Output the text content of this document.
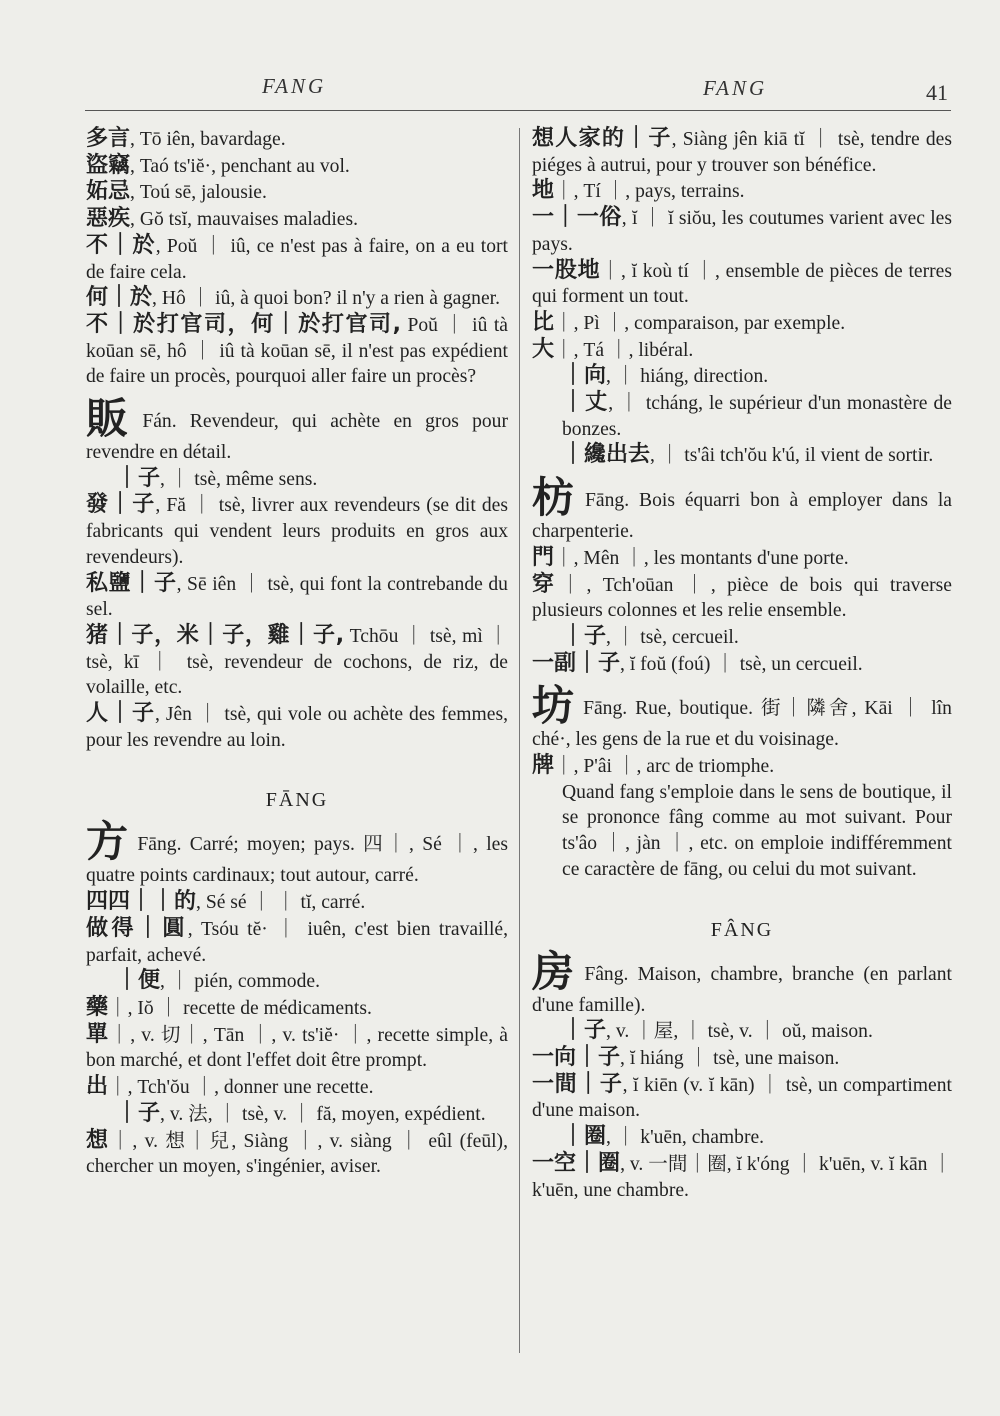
FANG	FANG	41

多言, Tō iên, bavardage.

盜竊, Taó ts'iĕ·, penchant au vol.

妬忌, Toú sē, jalousie.

惡疾, Gŏ tsĭ, mauvaises maladies.

不｜於, Poŭ ｜ iû, ce n'est pas à faire, on a eu tort de faire cela.

何｜於, Hô ｜ iû, à quoi bon? il n'y a rien à gagner.

不｜於打官司，何｜於打官司, Poŭ ｜ iû tà koūan sē, hô ｜ iû tà koūan sē, il n'est pas expédient de faire un procès, pourquoi aller faire un procès?

販 Fán. Revendeur, qui achète en gros pour revendre en détail.

｜子, ｜ tsè, même sens.

發｜子, Fă ｜ tsè, livrer aux revendeurs (se dit des fabricants qui vendent leurs produits en gros aux revendeurs).

私鹽｜子, Sē iên ｜ tsè, qui font la contrebande du sel.

猪｜子，米｜子，雞｜子, Tchōu ｜ tsè, mì ｜ tsè, kī ｜ tsè, revendeur de cochons, de riz, de volaille, etc.

人｜子, Jên ｜ tsè, qui vole ou achète des femmes, pour les revendre au loin.

FĀNG

方 Fāng. Carré; moyen; pays. 四｜, Sé ｜, les quatre points cardinaux; tout autour, carré.

四四｜｜的, Sé sé ｜ ｜ tĭ, carré.

做得｜圓, Tsóu tĕ· ｜ iuên, c'est bien travaillé, parfait, achevé.

｜便, ｜ pién, commode.

藥｜, Iŏ ｜ recette de médicaments.

單｜, v. 切｜, Tān ｜, v. ts'iĕ· ｜, recette simple, à bon marché, et dont l'effet doit être prompt.

出｜, Tch'ŏu ｜, donner une recette.

｜子, v. 法, ｜ tsè, v. ｜ fă, moyen, expédient.

想｜, v. 想｜兒, Siàng ｜, v. siàng ｜ eûl (feūl), chercher un moyen, s'ingénier, aviser.

想人家的｜子, Siàng jên kiā tĭ ｜ tsè, tendre des piéges à autrui, pour y trouver son bénéfice.

地｜, Tí ｜, pays, terrains.

一｜一俗, ĭ ｜ ĭ siŏu, les coutumes varient avec les pays.

一股地｜, ĭ koù tí ｜, ensemble de pièces de terres qui forment un tout.

比｜, Pì ｜, comparaison, par exemple.

大｜, Tá ｜, libéral.

｜向, ｜ hiáng, direction.

｜丈, ｜ tcháng, le supérieur d'un monastère de bonzes.

｜纔出去, ｜ ts'âi tch'ŏu k'ú, il vient de sortir.

枋 Fāng. Bois équarri bon à employer dans la charpenterie.

門｜, Mên ｜, les montants d'une porte.

穿｜, Tch'oūan ｜, pièce de bois qui traverse plusieurs colonnes et les relie ensemble.

｜子, ｜ tsè, cercueil.

一副｜子, ĭ foŭ (foú) ｜ tsè, un cercueil.

坊 Fāng. Rue, boutique. 街｜隣舍, Kāi ｜ lîn ché·, les gens de la rue et du voisinage.

牌｜, P'âi ｜, arc de triomphe.

Quand fang s'emploie dans le sens de boutique, il se prononce fâng comme au mot suivant. Pour ts'âo ｜, jàn ｜, etc. on emploie indifféremment ce caractère de fāng, ou celui du mot suivant.

FÂNG

房 Fâng. Maison, chambre, branche (en parlant d'une famille).

｜子, v. ｜屋, ｜ tsè, v. ｜ oŭ, maison.

一向｜子, ĭ hiáng ｜ tsè, une maison.

一間｜子, ĭ kiēn (v. ĭ kān) ｜ tsè, un compartiment d'une maison.

｜圈, ｜ k'uēn, chambre.

一空｜圈, v. 一間｜圈, ĭ k'óng ｜ k'uēn, v. ĭ kān ｜ k'uēn, une chambre.
